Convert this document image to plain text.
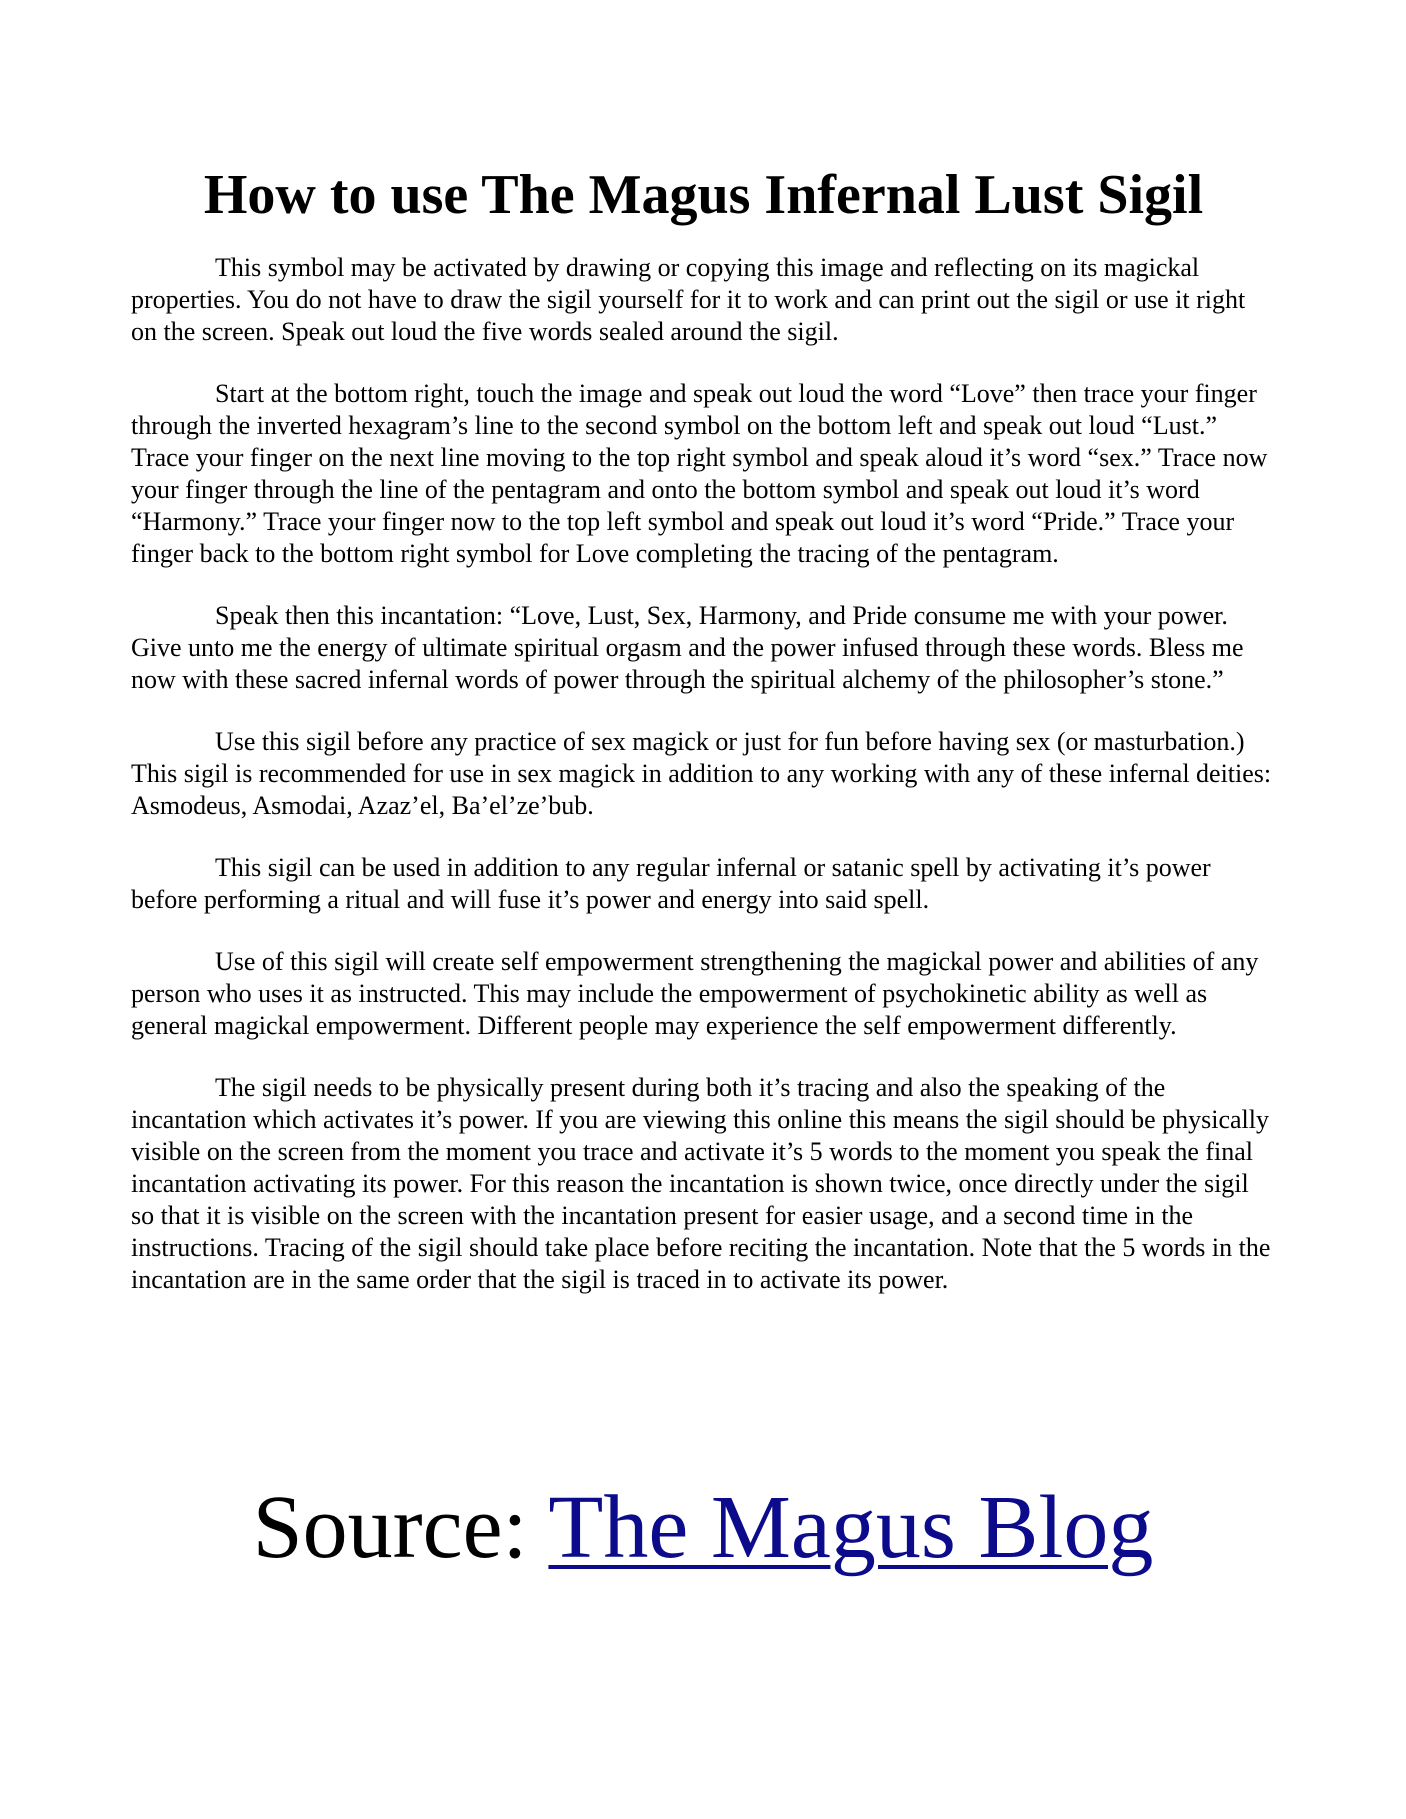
How to use The Magus Infernal Lust Sigil

This symbol may be activated by drawing or copying this image and reflecting on its magickal properties. You do not have to draw the sigil yourself for it to work and can print out the sigil or use it right on the screen. Speak out loud the five words sealed around the sigil.

Start at the bottom right, touch the image and speak out loud the word “Love” then trace your finger through the inverted hexagram’s line to the second symbol on the bottom left and speak out loud “Lust.” Trace your finger on the next line moving to the top right symbol and speak aloud it’s word “sex.” Trace now your finger through the line of the pentagram and onto the bottom symbol and speak out loud it’s word “Harmony.” Trace your finger now to the top left symbol and speak out loud it’s word “Pride.” Trace your finger back to the bottom right symbol for Love completing the tracing of the pentagram.

Speak then this incantation: “Love, Lust, Sex, Harmony, and Pride consume me with your power. Give unto me the energy of ultimate spiritual orgasm and the power infused through these words. Bless me now with these sacred infernal words of power through the spiritual alchemy of the philosopher’s stone.”

Use this sigil before any practice of sex magick or just for fun before having sex (or masturbation.) This sigil is recommended for use in sex magick in addition to any working with any of these infernal deities: Asmodeus, Asmodai, Azaz’el, Ba’el’ze’bub.

This sigil can be used in addition to any regular infernal or satanic spell by activating it’s power before performing a ritual and will fuse it’s power and energy into said spell.

Use of this sigil will create self empowerment strengthening the magickal power and abilities of any person who uses it as instructed. This may include the empowerment of psychokinetic ability as well as general magickal empowerment. Different people may experience the self empowerment differently.

The sigil needs to be physically present during both it’s tracing and also the speaking of the incantation which activates it’s power. If you are viewing this online this means the sigil should be physically visible on the screen from the moment you trace and activate it’s 5 words to the moment you speak the final incantation activating its power. For this reason the incantation is shown twice, once directly under the sigil so that it is visible on the screen with the incantation present for easier usage, and a second time in the instructions. Tracing of the sigil should take place before reciting the incantation. Note that the 5 words in the incantation are in the same order that the sigil is traced in to activate its power.

Source: The Magus Blog
